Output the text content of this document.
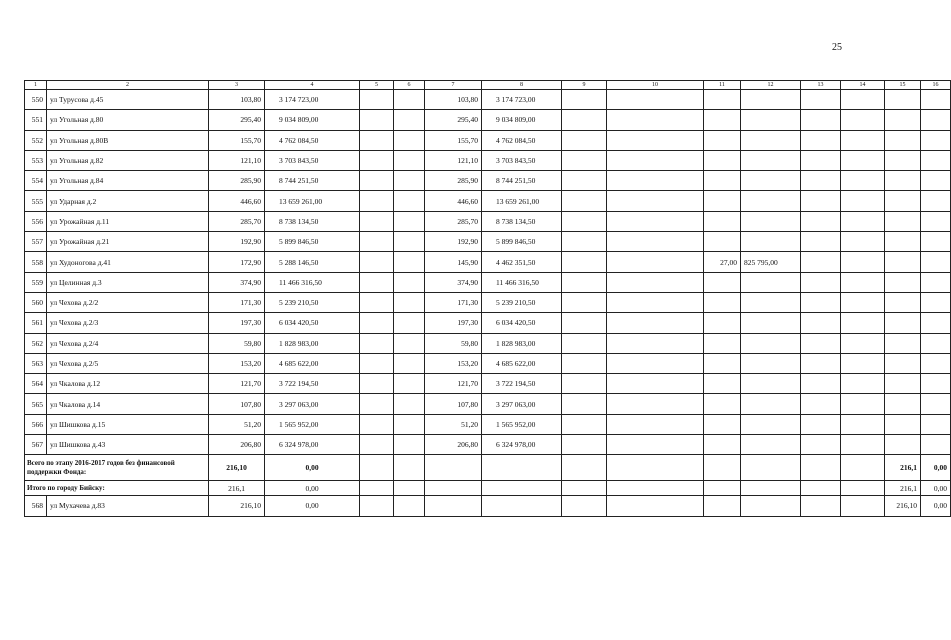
25
1	2	3	4	5	6	7	8	9	10	11	12	13	14	15	16
550	ул Турусова д.45	103,80	3 174 723,00			103,80	3 174 723,00								
551	ул Угольная д.80	295,40	9 034 809,00			295,40	9 034 809,00								
552	ул Угольная д.80В	155,70	4 762 084,50			155,70	4 762 084,50								
553	ул Угольная д.82	121,10	3 703 843,50			121,10	3 703 843,50								
554	ул Угольная д.84	285,90	8 744 251,50			285,90	8 744 251,50								
555	ул Ударная д.2	446,60	13 659 261,00			446,60	13 659 261,00								
556	ул Урожайная д.11	285,70	8 738 134,50			285,70	8 738 134,50								
557	ул Урожайная д.21	192,90	5 899 846,50			192,90	5 899 846,50								
558	ул Худоногова д.41	172,90	5 288 146,50			145,90	4 462 351,50			27,00	825 795,00				
559	ул Целинная д.3	374,90	11 466 316,50			374,90	11 466 316,50								
560	ул Чехова д.2/2	171,30	5 239 210,50			171,30	5 239 210,50								
561	ул Чехова д.2/3	197,30	6 034 420,50			197,30	6 034 420,50								
562	ул Чехова д.2/4	59,80	1 828 983,00			59,80	1 828 983,00								
563	ул Чехова д.2/5	153,20	4 685 622,00			153,20	4 685 622,00								
564	ул Чкалова д.12	121,70	3 722 194,50			121,70	3 722 194,50								
565	ул Чкалова д.14	107,80	3 297 063,00			107,80	3 297 063,00								
566	ул Шишкова д.15	51,20	1 565 952,00			51,20	1 565 952,00								
567	ул Шишкова д.43	206,80	6 324 978,00			206,80	6 324 978,00								
Всего по этапу 2016-2017 годов без финансовой поддержки Фонда:		216,10	0,00											216,1	0,00
Итого по городу Бийску:		216,1	0,00											216,1	0,00
568	ул Мухачева д.83	216,10	0,00											216,10	0,00
